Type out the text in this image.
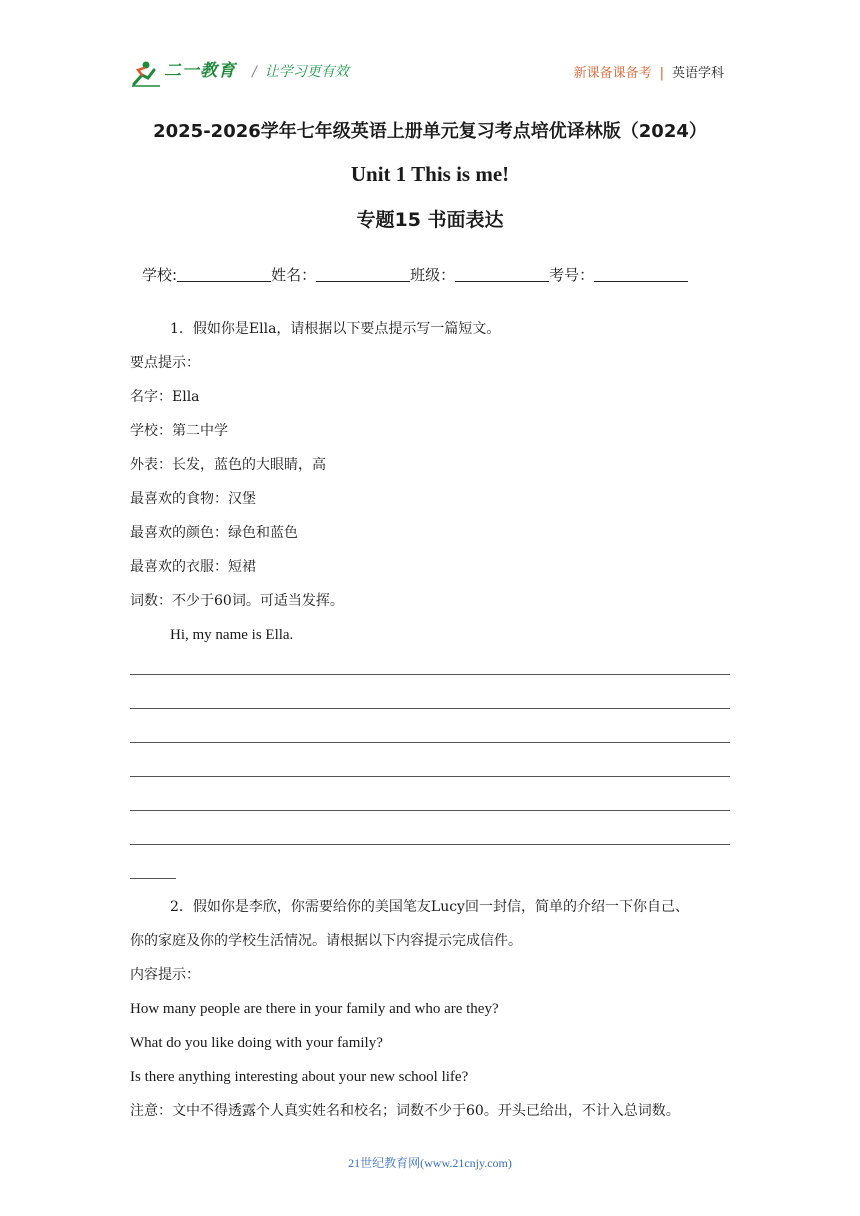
二一教育 / 让学习更有效	新课备课备考 | 英语学科
2025-2026学年七年级英语上册单元复习考点培优译林版（2024）
Unit 1 This is me!
专题15 书面表达
学校:	姓名：	班级：	考号：
1．假如你是Ella，请根据以下要点提示写一篇短文。
要点提示：
名字：Ella
学校：第二中学
外表：长发，蓝色的大眼睛，高
最喜欢的食物：汉堡
最喜欢的颜色：绿色和蓝色
最喜欢的衣服：短裙
词数：不少于60词。可适当发挥。
Hi, my name is Ella.
2．假如你是李欣，你需要给你的美国笔友Lucy回一封信，简单的介绍一下你自己、
你的家庭及你的学校生活情况。请根据以下内容提示完成信件。
内容提示：
How many people are there in your family and who are they?
What do you like doing with your family?
Is there anything interesting about your new school life?
注意：文中不得透露个人真实姓名和校名；词数不少于60。开头已给出，不计入总词数。
21世纪教育网(www.21cnjy.com)
